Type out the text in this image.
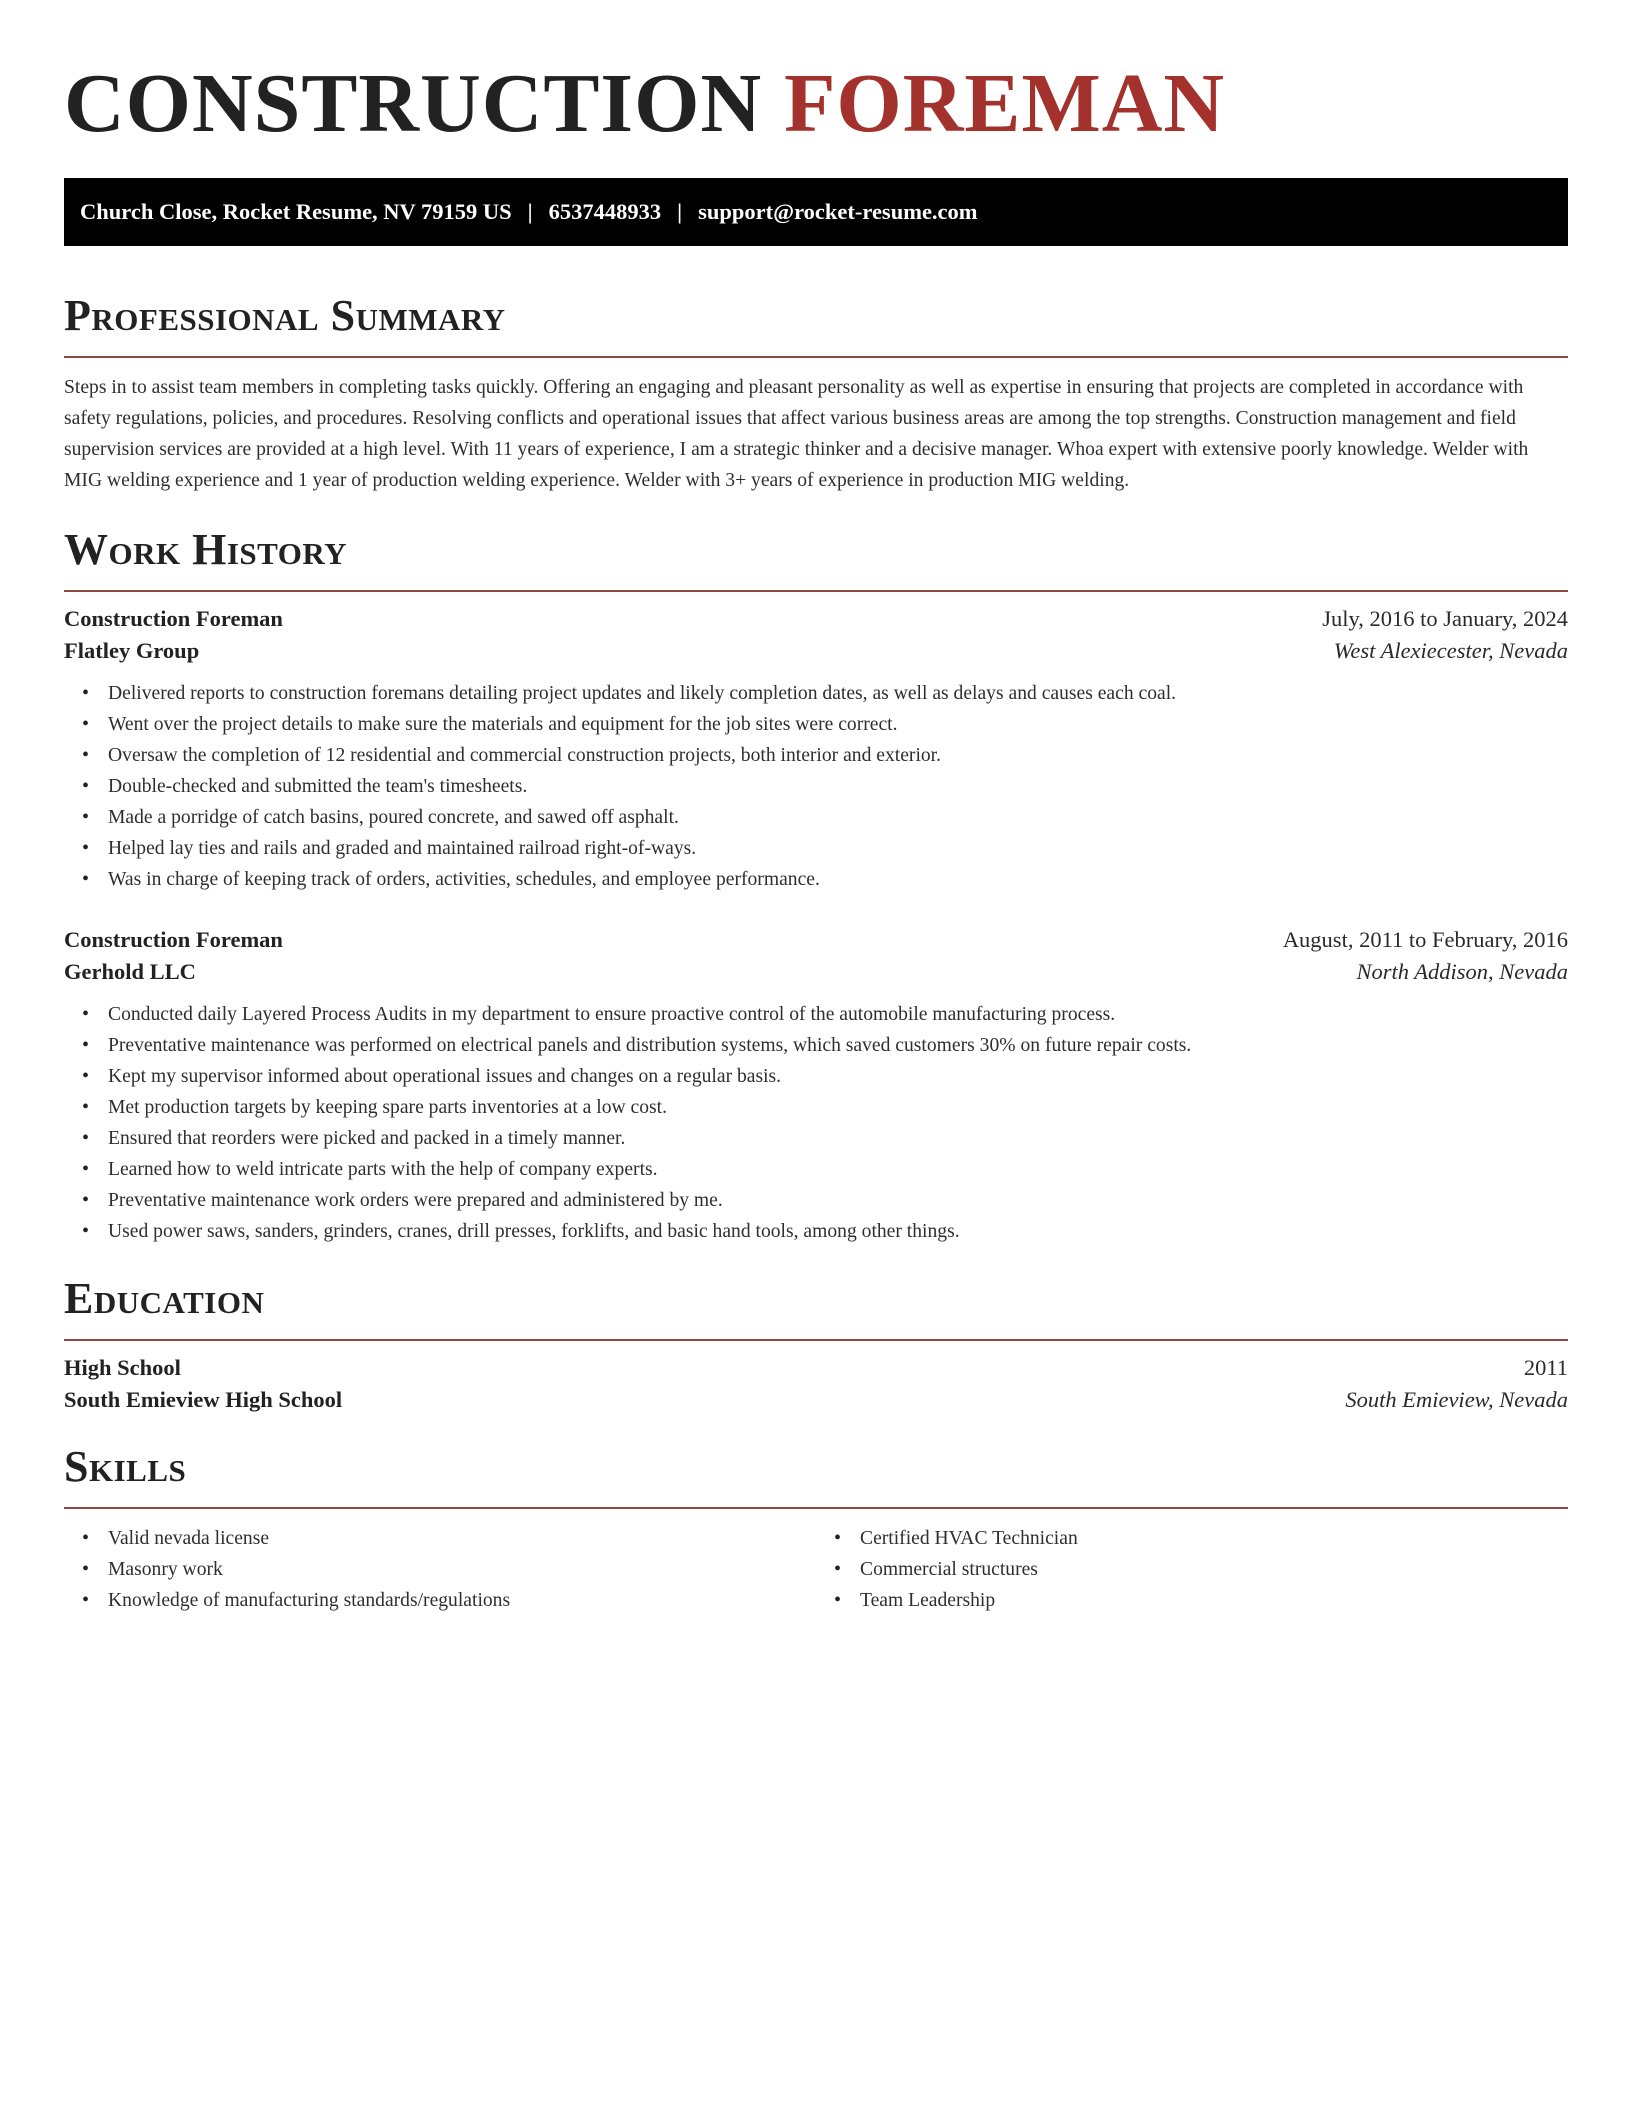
CONSTRUCTION FOREMAN
Church Close, Rocket Resume, NV 79159 US | 6537448933 | support@rocket-resume.com
Professional Summary

Steps in to assist team members in completing tasks quickly. Offering an engaging and pleasant personality as well as expertise in ensuring that projects are completed in accordance with safety regulations, policies, and procedures. Resolving conflicts and operational issues that affect various business areas are among the top strengths. Construction management and field supervision services are provided at a high level. With 11 years of experience, I am a strategic thinker and a decisive manager. Whoa expert with extensive poorly knowledge. Welder with MIG welding experience and 1 year of production welding experience. Welder with 3+ years of experience in production MIG welding.

Work History
Construction Foreman	July, 2016 to January, 2024
Flatley Group	West Alexiecester, Nevada
• Delivered reports to construction foremans detailing project updates and likely completion dates, as well as delays and causes each coal.
• Went over the project details to make sure the materials and equipment for the job sites were correct.
• Oversaw the completion of 12 residential and commercial construction projects, both interior and exterior.
• Double-checked and submitted the team's timesheets.
• Made a porridge of catch basins, poured concrete, and sawed off asphalt.
• Helped lay ties and rails and graded and maintained railroad right-of-ways.
• Was in charge of keeping track of orders, activities, schedules, and employee performance.
Construction Foreman	August, 2011 to February, 2016
Gerhold LLC	North Addison, Nevada
• Conducted daily Layered Process Audits in my department to ensure proactive control of the automobile manufacturing process.
• Preventative maintenance was performed on electrical panels and distribution systems, which saved customers 30% on future repair costs.
• Kept my supervisor informed about operational issues and changes on a regular basis.
• Met production targets by keeping spare parts inventories at a low cost.
• Ensured that reorders were picked and packed in a timely manner.
• Learned how to weld intricate parts with the help of company experts.
• Preventative maintenance work orders were prepared and administered by me.
• Used power saws, sanders, grinders, cranes, drill presses, forklifts, and basic hand tools, among other things.
Education
High School	2011
South Emieview High School	South Emieview, Nevada
Skills
• Valid nevada license
• Masonry work
• Knowledge of manufacturing standards/regulations
• Certified HVAC Technician
• Commercial structures
• Team Leadership
